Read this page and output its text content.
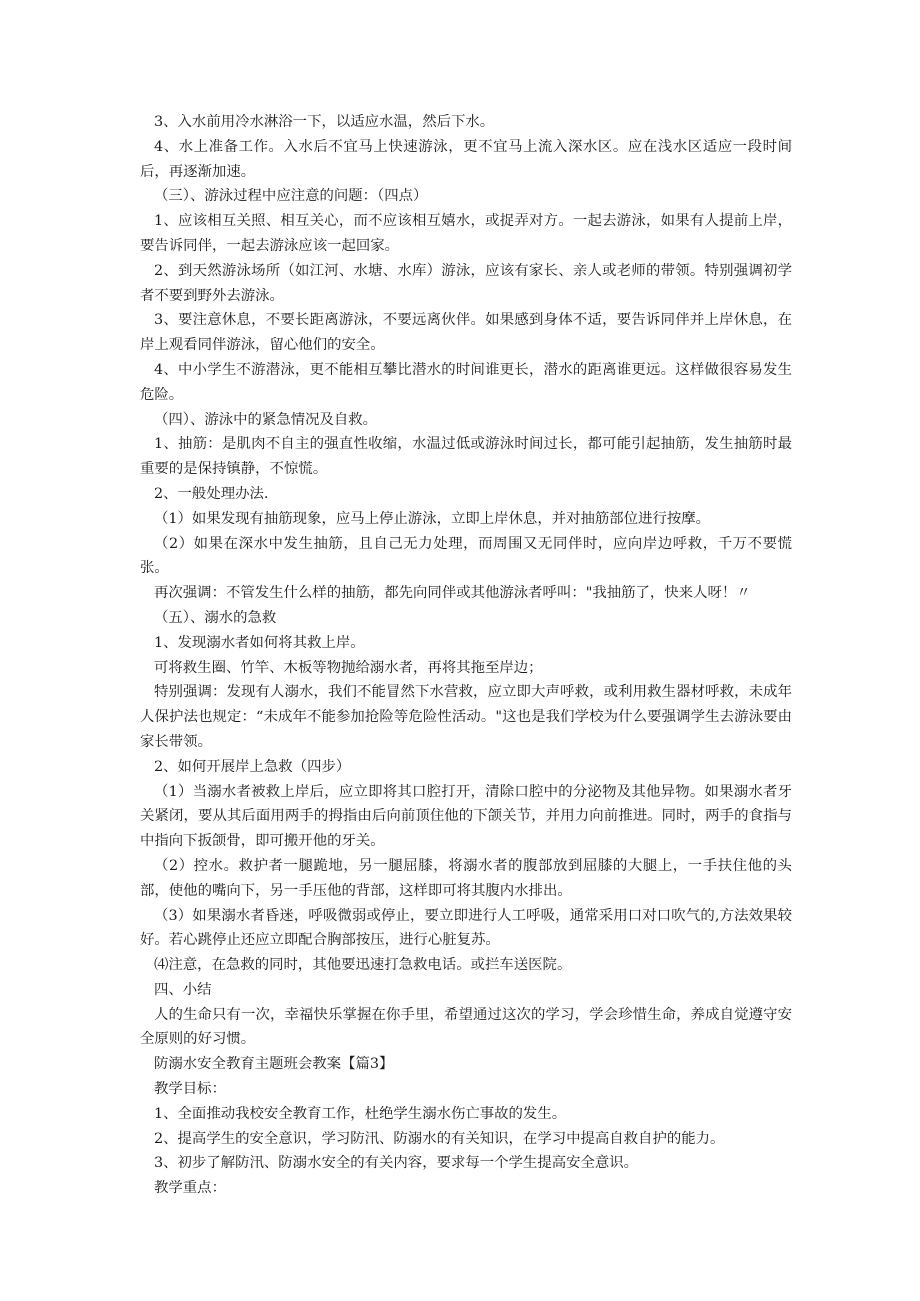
3、入水前用冷水淋浴一下，以适应水温，然后下水。

4、水上准备工作。入水后不宜马上快速游泳，更不宜马上流入深水区。应在浅水区适应一段时间后，再逐渐加速。

（三）、游泳过程中应注意的问题：（四点）

1、应该相互关照、相互关心，而不应该相互嬉水，或捉弄对方。一起去游泳，如果有人提前上岸，要告诉同伴，一起去游泳应该一起回家。

2、到天然游泳场所（如江河、水塘、水库）游泳，应该有家长、亲人或老师的带领。特别强调初学者不要到野外去游泳。

3、要注意休息，不要长距离游泳，不要远离伙伴。如果感到身体不适，要告诉同伴并上岸休息，在岸上观看同伴游泳，留心他们的安全。

4、中小学生不游潜泳，更不能相互攀比潜水的时间谁更长，潜水的距离谁更远。这样做很容易发生危险。

（四）、游泳中的紧急情况及自救。

1、抽筋：是肌肉不自主的强直性收缩，水温过低或游泳时间过长，都可能引起抽筋，发生抽筋时最重要的是保持镇静，不惊慌。

2、一般处理办法.

（1）如果发现有抽筋现象，应马上停止游泳，立即上岸休息，并对抽筋部位进行按摩。

（2）如果在深水中发生抽筋，且自己无力处理，而周围又无同伴时，应向岸边呼救，千万不要慌张。

再次强调：不管发生什么样的抽筋，都先向同伴或其他游泳者呼叫："我抽筋了，快来人呀！〃

（五）、溺水的急救

1、发现溺水者如何将其救上岸。

可将救生圈、竹竿、木板等物抛给溺水者，再将其拖至岸边；

特别强调：发现有人溺水，我们不能冒然下水营救，应立即大声呼救，或利用救生器材呼救，未成年人保护法也规定：“未成年不能参加抢险等危险性活动。"这也是我们学校为什么要强调学生去游泳要由家长带领。

2、如何开展岸上急救（四步）

（1）当溺水者被救上岸后，应立即将其口腔打开，清除口腔中的分泌物及其他异物。如果溺水者牙关紧闭，要从其后面用两手的拇指由后向前顶住他的下颌关节，并用力向前推进。同时，两手的食指与中指向下扳颌骨，即可搬开他的牙关。

（2）控水。救护者一腿跪地，另一腿屈膝，将溺水者的腹部放到屈膝的大腿上，一手扶住他的头部，使他的嘴向下，另一手压他的背部，这样即可将其腹内水排出。

（3）如果溺水者昏迷，呼吸微弱或停止，要立即进行人工呼吸，通常采用口对口吹气的,方法效果较好。若心跳停止还应立即配合胸部按压，进行心脏复苏。

⑷注意，在急救的同时，其他要迅速打急救电话。或拦车送医院。

四、小结

人的生命只有一次，幸福快乐掌握在你手里，希望通过这次的学习，学会珍惜生命，养成自觉遵守安全原则的好习惯。

防溺水安全教育主题班会教案【篇3】

教学目标：

1、全面推动我校安全教育工作，杜绝学生溺水伤亡事故的发生。

2、提高学生的安全意识，学习防汛、防溺水的有关知识，在学习中提高自救自护的能力。

3、初步了解防汛、防溺水安全的有关内容，要求每一个学生提高安全意识。

教学重点：
